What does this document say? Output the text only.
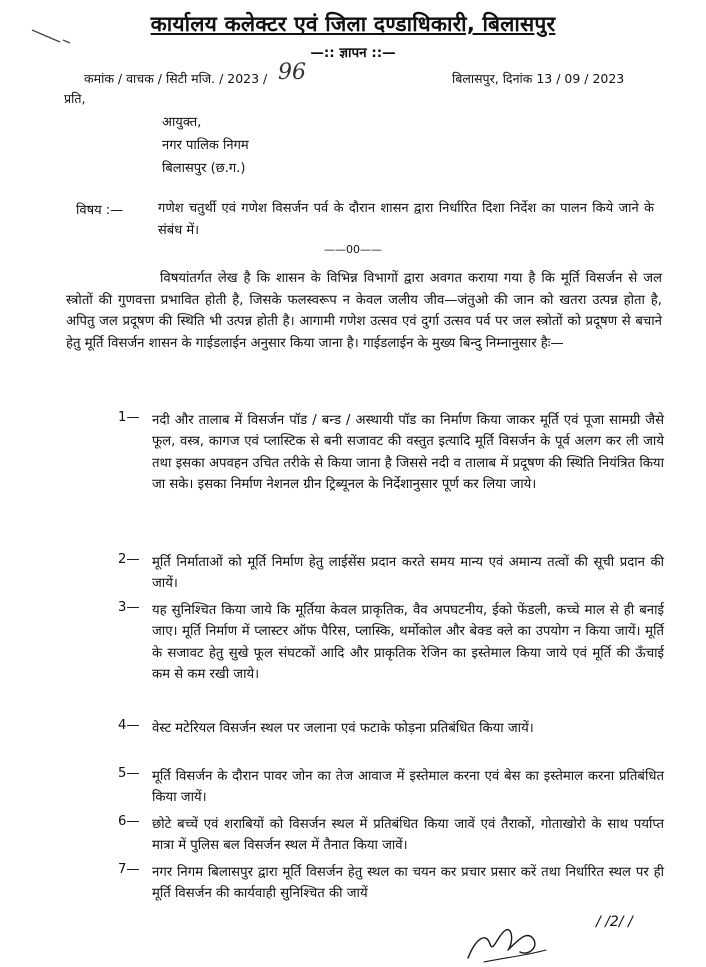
कार्यालय कलेक्टर एवं जिला दण्डाधिकारी, बिलासपुर
—:: ज्ञापन ::—
कमांक / वाचक / सिटी मजि. / 2023 / 96	बिलासपुर, दिनांक 13 / 09 / 2023
प्रति,
आयुक्त,
नगर पालिक निगम
बिलासपुर (छ.ग.)
विषय :—	गणेश चतुर्थी एवं गणेश विसर्जन पर्व के दौरान शासन द्वारा निर्धारित दिशा निर्देश का पालन किये जाने के संबंध में।
——00——
विषयांतर्गत लेख है कि शासन के विभिन्न विभागों द्वारा अवगत कराया गया है कि मूर्ति विसर्जन से जल स्त्रोतों की गुणवत्ता प्रभावित होती है, जिसके फलस्वरूप न केवल जलीय जीव—जंतुओ की जान को खतरा उत्पन्न होता है, अपितु जल प्रदूषण की स्थिति भी उत्पन्न होती है। आगामी गणेश उत्सव एवं दुर्गा उत्सव पर्व पर जल स्त्रोतों को प्रदूषण से बचाने हेतु मूर्ति विसर्जन शासन के गाईडलाईन अनुसार किया जाना है। गाईडलाईन के मुख्य बिन्दु निम्नानुसार हैः—
1— नदी और तालाब में विसर्जन पॉड / बन्ड / अस्थायी पॉड का निर्माण किया जाकर मूर्ति एवं पूजा सामग्री जैसे फूल, वस्त्र, कागज एवं प्लास्टिक से बनी सजावट की वस्तुत इत्यादि मूर्ति विसर्जन के पूर्व अलग कर ली जाये तथा इसका अपवहन उचित तरीके से किया जाना है जिससे नदी व तालाब में प्रदूषण की स्थिति नियंत्रित किया जा सके। इसका निर्माण नेशनल ग्रीन ट्रिब्यूनल के निर्देशानुसार पूर्ण कर लिया जाये।
2— मूर्ति निर्माताओं को मूर्ति निर्माण हेतु लाईसेंस प्रदान करते समय मान्य एवं अमान्य तत्वों की सूची प्रदान की जायें।
3— यह सुनिश्चित किया जाये कि मूर्तिया केवल प्राकृतिक, वैव अपघटनीय, ईको फेंडली, कच्चे माल से ही बनाई जाए। मूर्ति निर्माण में प्लास्टर ऑफ पैरिस, प्लास्कि, थर्मोकोल और बेक्ड क्ले का उपयोग न किया जायें। मूर्ति के सजावट हेतु सुखे फूल संघटकों आदि और प्राकृतिक रेजिन का इस्तेमाल किया जाये एवं मूर्ति की ऊँचाई कम से कम रखी जाये।
4— वेस्ट मटेरियल विसर्जन स्थल पर जलाना एवं फटाके फोड़ना प्रतिबंधित किया जायें।
5— मूर्ति विसर्जन के दौरान पावर जोन का तेज आवाज में इस्तेमाल करना एवं बेस का इस्तेमाल करना प्रतिबंधित किया जायें।
6— छोटे बच्चें एवं शराबियों को विसर्जन स्थल में प्रतिबंधित किया जावें एवं तैराकों, गोताखोरो के साथ पर्याप्त मात्रा में पुलिस बल विसर्जन स्थल में तैनात किया जावें।
7— नगर निगम बिलासपुर द्वारा मूर्ति विसर्जन हेतु स्थल का चयन कर प्रचार प्रसार करें तथा निर्धारित स्थल पर ही मूर्ति विसर्जन की कार्यवाही सुनिश्चित की जायें
/ /2/ /
